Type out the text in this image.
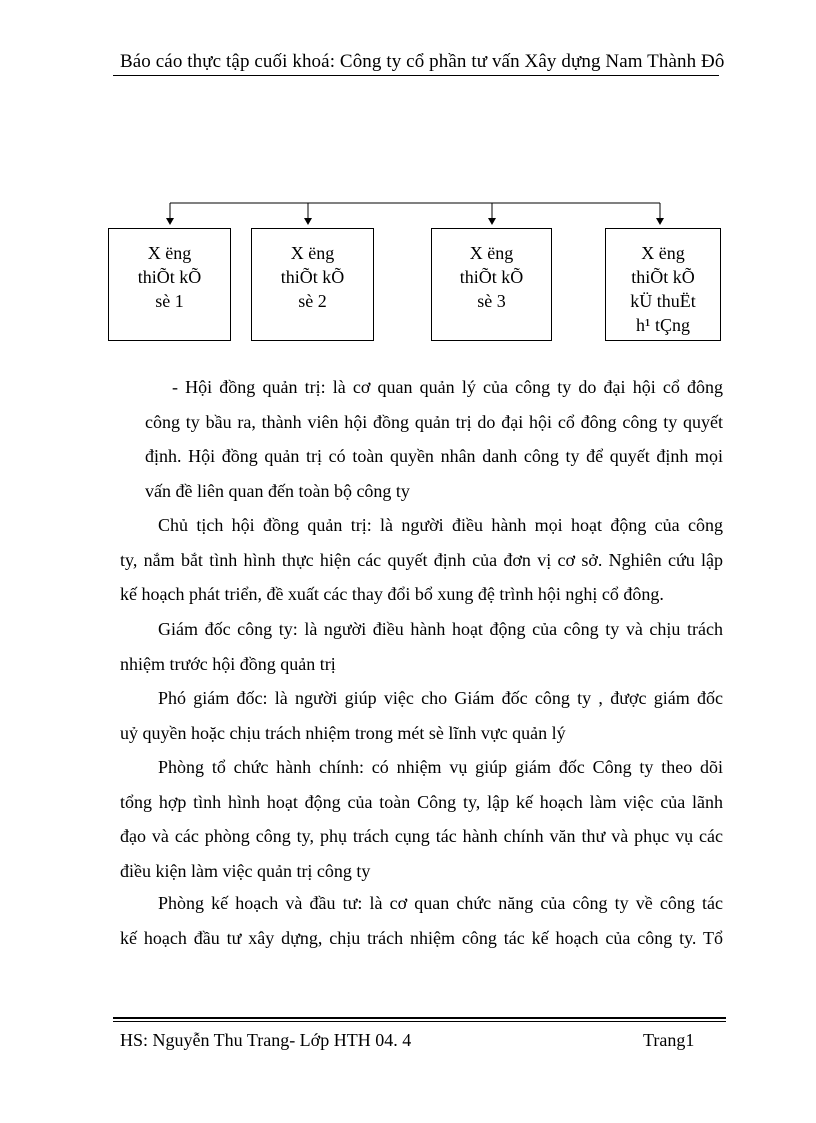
Báo cáo thực tập cuối khoá: Công ty cổ phần tư vấn Xây dựng Nam Thành Đô
X ëng
thiÕt kÕ
sè 1
X ëng
thiÕt kÕ
sè 2
X ëng
thiÕt kÕ
sè 3
X ëng
thiÕt kÕ
kÜ thuËt
h¹ tÇng
- Hội đồng quản trị: là cơ quan quản lý của công ty do đại hội cổ đông
công ty bầu ra, thành viên hội đồng quản trị do đại hội cổ đông công ty quyết
định. Hội đồng quản trị có toàn quyền nhân danh công ty để quyết định mọi
vấn đề liên quan đến toàn bộ công ty
Chủ tịch hội đồng quản trị: là người điều hành mọi hoạt động của công
ty, nắm bắt tình hình thực hiện các quyết định của đơn vị cơ sở. Nghiên cứu lập
kế hoạch phát triển, đề xuất các thay đổi bổ xung đệ trình hội nghị cổ đông.
Giám đốc công ty: là người điều hành hoạt động của công ty và chịu trách
nhiệm trước hội đồng quản trị
Phó giám đốc: là người giúp việc cho Giám đốc công ty , được giám đốc
uỷ quyền hoặc chịu trách nhiệm trong mét sè lĩnh vực quản lý
Phòng tổ chức hành chính: có nhiệm vụ giúp giám đốc Công ty theo dõi
tổng hợp tình hình hoạt động của toàn Công ty, lập kế hoạch làm việc của lãnh
đạo và các phòng công ty, phụ trách cụng tác hành chính văn thư và phục vụ các
điều kiện làm việc quản trị công ty
Phòng kế hoạch và đầu tư: là cơ quan chức năng của công ty về công tác
kế hoạch đầu tư xây dựng, chịu trách nhiệm công tác kế hoạch của công ty. Tổ
HS: Nguyễn Thu Trang- Lớp HTH 04. 4	Trang1
